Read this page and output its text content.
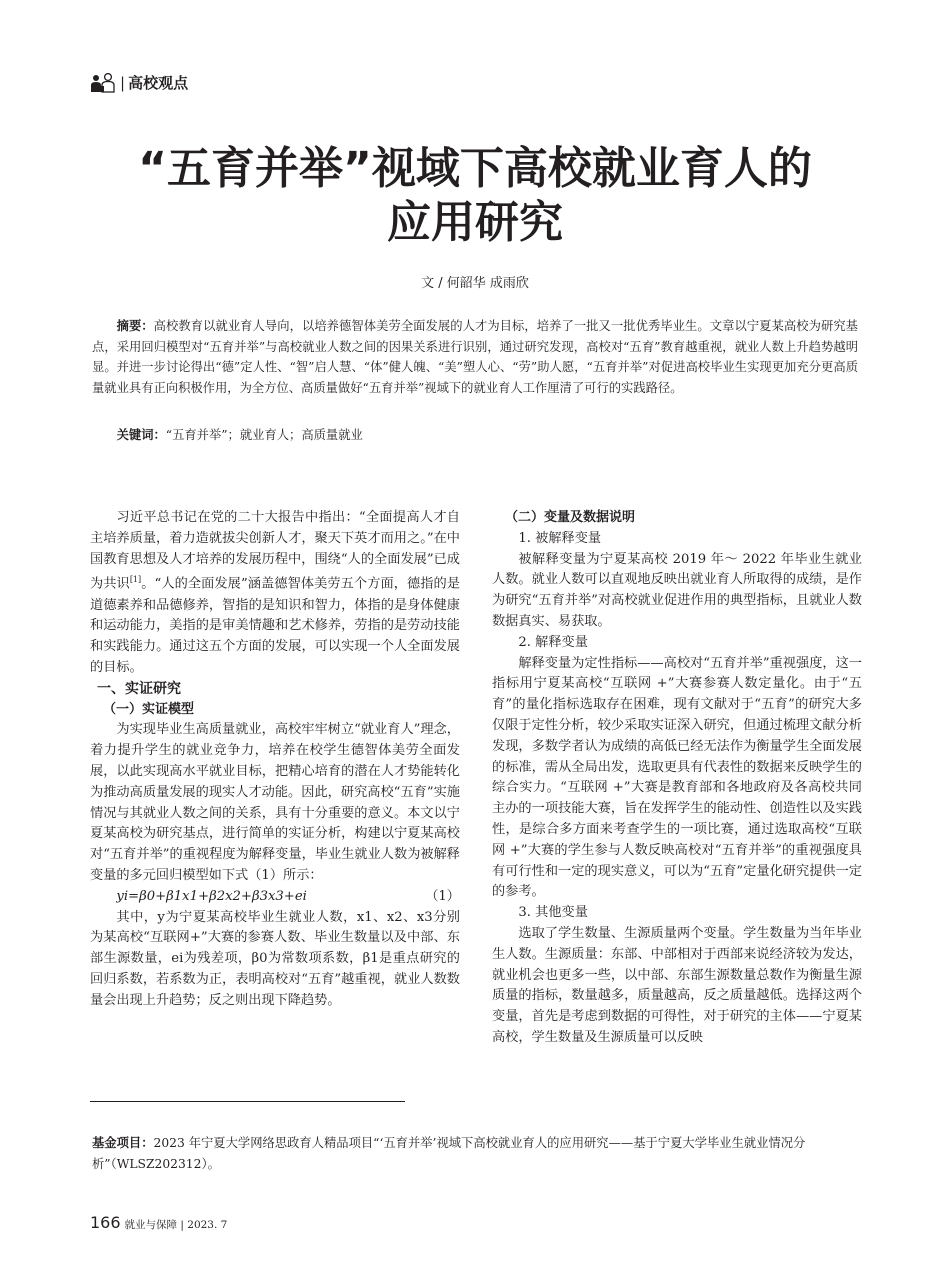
| 高校观点
“五育并举”视域下高校就业育人的
应用研究
文 / 何韶华 成雨欣
摘要：高校教育以就业育人导向，以培养德智体美劳全面发展的人才为目标，培养了一批又一批优秀毕业生。文章以宁夏某高校为研究基点，采用回归模型对“五育并举”与高校就业人数之间的因果关系进行识别，通过研究发现，高校对“五育”教育越重视，就业人数上升趋势越明显。并进一步讨论得出“德”定人性、“智”启人慧、“体”健人魄、“美”塑人心、“劳”助人愿，“五育并举”对促进高校毕业生实现更加充分更高质量就业具有正向积极作用，为全方位、高质量做好“五育并举”视域下的就业育人工作厘清了可行的实践路径。
关键词：“五育并举”；就业育人；高质量就业

习近平总书记在党的二十大报告中指出：“全面提高人才自主培养质量，着力造就拔尖创新人才，聚天下英才而用之。”在中国教育思想及人才培养的发展历程中，围绕“人的全面发展”已成为共识[1]。“人的全面发展”涵盖德智体美劳五个方面，德指的是道德素养和品德修养，智指的是知识和智力，体指的是身体健康和运动能力，美指的是审美情趣和艺术修养，劳指的是劳动技能和实践能力。通过这五个方面的发展，可以实现一个人全面发展的目标。

一、实证研究

（一）实证模型

为实现毕业生高质量就业，高校牢牢树立“就业育人”理念，着力提升学生的就业竞争力，培养在校学生德智体美劳全面发展，以此实现高水平就业目标，把精心培育的潜在人才势能转化为推动高质量发展的现实人才动能。因此，研究高校“五育”实施情况与其就业人数之间的关系，具有十分重要的意义。本文以宁夏某高校为研究基点，进行简单的实证分析，构建以宁夏某高校对“五育并举”的重视程度为解释变量，毕业生就业人数为被解释变量的多元回归模型如下式（1）所示：

yi=β0+β1x1+β2x2+β3x3+ei	（1）

其中，y为宁夏某高校毕业生就业人数，x1、x2、x3分别为某高校“互联网+”大赛的参赛人数、毕业生数量以及中部、东部生源数量，ei为残差项，β0为常数项系数，β1是重点研究的回归系数，若系数为正，表明高校对“五育”越重视，就业人数数量会出现上升趋势；反之则出现下降趋势。

（二）变量及数据说明

1. 被解释变量

被解释变量为宁夏某高校 2019 年～ 2022 年毕业生就业人数。就业人数可以直观地反映出就业育人所取得的成绩，是作为研究“五育并举”对高校就业促进作用的典型指标，且就业人数数据真实、易获取。

2. 解释变量

解释变量为定性指标——高校对“五育并举”重视强度，这一指标用宁夏某高校“互联网 +”大赛参赛人数定量化。由于“五育”的量化指标选取存在困难，现有文献对于“五育”的研究大多仅限于定性分析，较少采取实证深入研究，但通过梳理文献分析发现，多数学者认为成绩的高低已经无法作为衡量学生全面发展的标准，需从全局出发，选取更具有代表性的数据来反映学生的综合实力。“互联网 +”大赛是教育部和各地政府及各高校共同主办的一项技能大赛，旨在发挥学生的能动性、创造性以及实践性，是综合多方面来考查学生的一项比赛，通过选取高校“互联网 +”大赛的学生参与人数反映高校对“五育并举”的重视强度具有可行性和一定的现实意义，可以为“五育”定量化研究提供一定的参考。

3. 其他变量

选取了学生数量、生源质量两个变量。学生数量为当年毕业生人数。生源质量：东部、中部相对于西部来说经济较为发达，就业机会也更多一些，以中部、东部生源数量总数作为衡量生源质量的指标，数量越多，质量越高，反之质量越低。选择这两个变量，首先是考虑到数据的可得性，对于研究的主体——宁夏某高校，学生数量及生源质量可以反映

基金项目：2023 年宁夏大学网络思政育人精品项目“‘五育并举’视域下高校就业育人的应用研究——基于宁夏大学毕业生就业情况分析”（WLSZ202312）。
166 就业与保障 | 2023. 7
